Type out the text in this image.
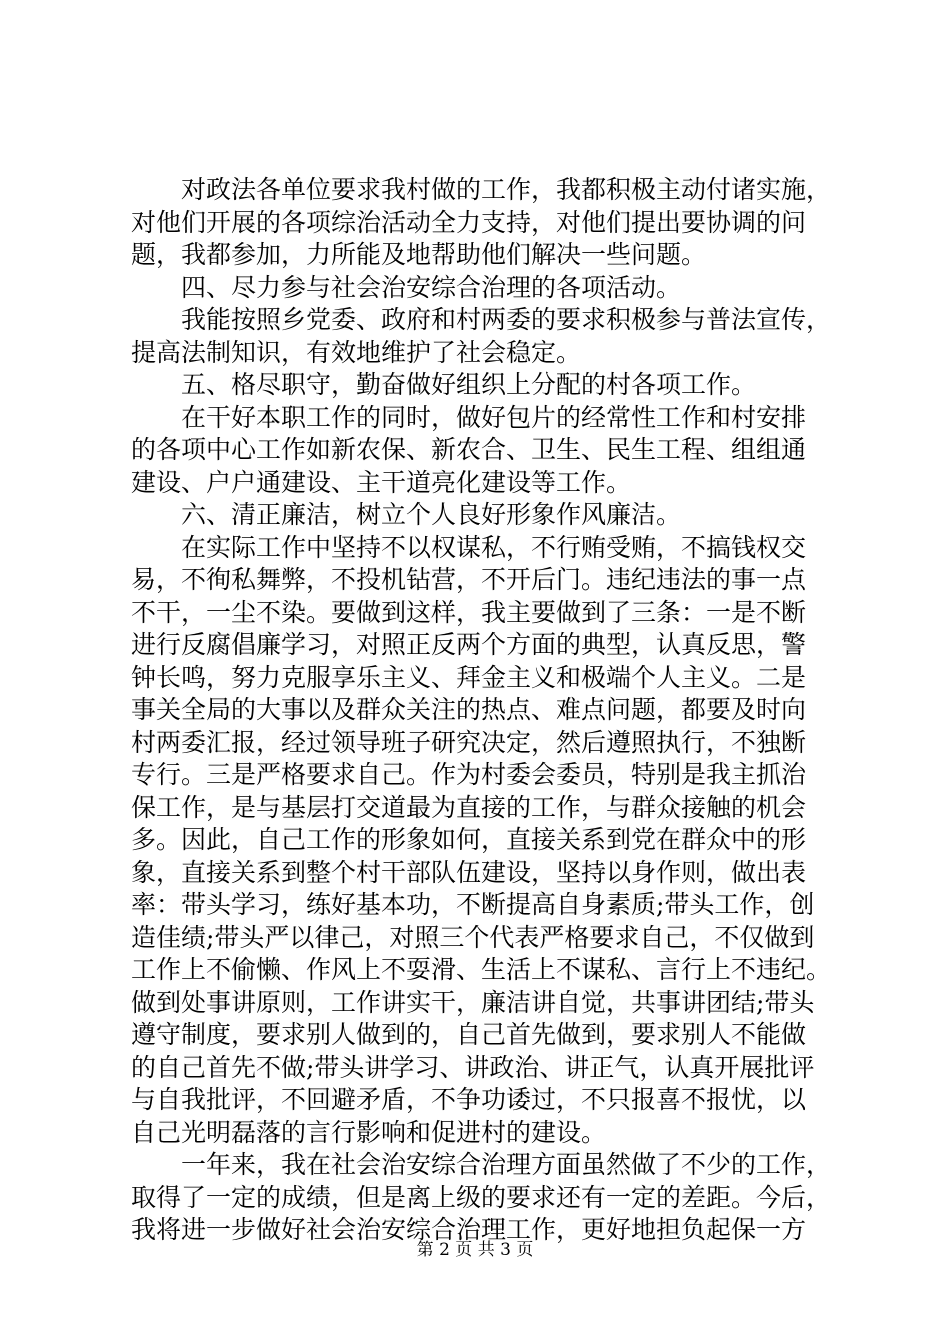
对政法各单位要求我村做的工作，我都积极主动付诸实施，
对他们开展的各项综治活动全力支持，对他们提出要协调的问
题，我都参加，力所能及地帮助他们解决一些问题。
四、尽力参与社会治安综合治理的各项活动。
我能按照乡党委、政府和村两委的要求积极参与普法宣传，
提高法制知识，有效地维护了社会稳定。
五、格尽职守，勤奋做好组织上分配的村各项工作。
在干好本职工作的同时，做好包片的经常性工作和村安排
的各项中心工作如新农保、新农合、卫生、民生工程、组组通
建设、户户通建设、主干道亮化建设等工作。
六、清正廉洁，树立个人良好形象作风廉洁。
在实际工作中坚持不以权谋私，不行贿受贿，不搞钱权交
易，不徇私舞弊，不投机钻营，不开后门。违纪违法的事一点
不干，一尘不染。要做到这样，我主要做到了三条：一是不断
进行反腐倡廉学习，对照正反两个方面的典型，认真反思，警
钟长鸣，努力克服享乐主义、拜金主义和极端个人主义。二是
事关全局的大事以及群众关注的热点、难点问题，都要及时向
村两委汇报，经过领导班子研究决定，然后遵照执行，不独断
专行。三是严格要求自己。作为村委会委员，特别是我主抓治
保工作，是与基层打交道最为直接的工作，与群众接触的机会
多。因此，自己工作的形象如何，直接关系到党在群众中的形
象，直接关系到整个村干部队伍建设，坚持以身作则，做出表
率：带头学习，练好基本功，不断提高自身素质;带头工作，创
造佳绩;带头严以律己，对照三个代表严格要求自己，不仅做到
工作上不偷懒、作风上不耍滑、生活上不谋私、言行上不违纪。
做到处事讲原则，工作讲实干，廉洁讲自觉，共事讲团结;带头
遵守制度，要求别人做到的，自己首先做到，要求别人不能做
的自己首先不做;带头讲学习、讲政治、讲正气，认真开展批评
与自我批评，不回避矛盾，不争功诿过，不只报喜不报忧，以
自己光明磊落的言行影响和促进村的建设。
一年来，我在社会治安综合治理方面虽然做了不少的工作，
取得了一定的成绩，但是离上级的要求还有一定的差距。今后，
我将进一步做好社会治安综合治理工作，更好地担负起保一方
第 2 页 共 3 页
